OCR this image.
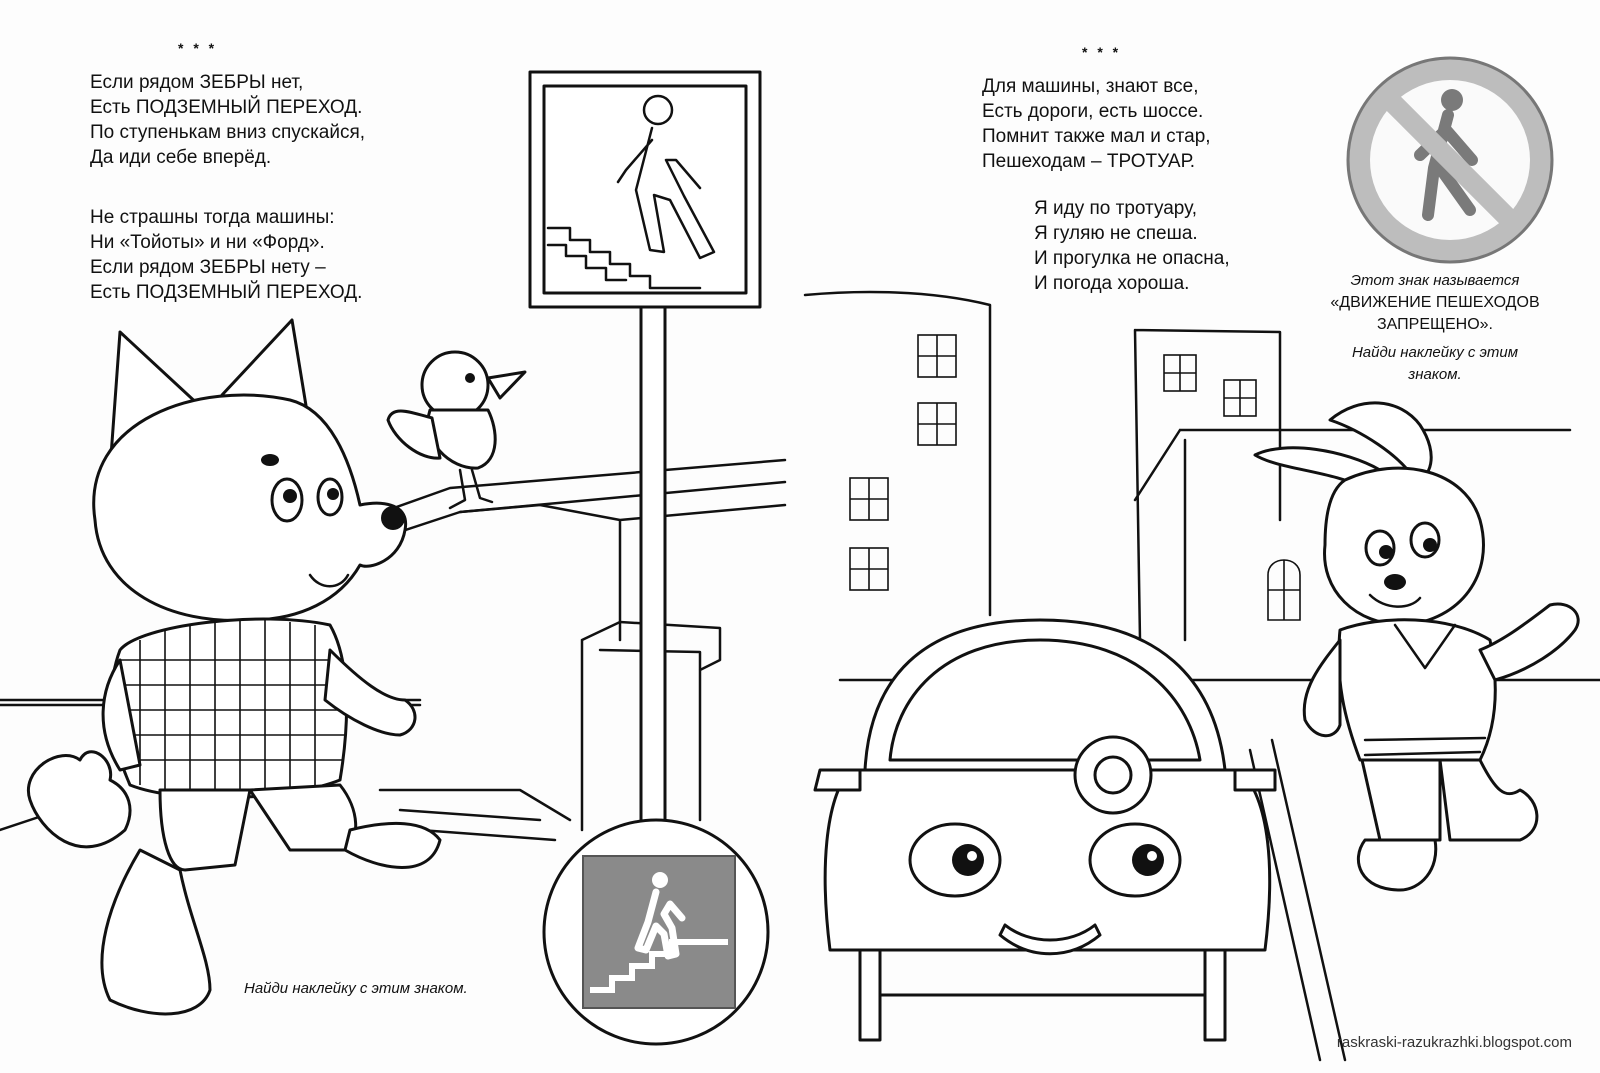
* * *
Если рядом ЗЕБРЫ нет,
Есть ПОДЗЕМНЫЙ ПЕРЕХОД.
По ступенькам вниз спускайся,
Да иди себе вперёд.
Не страшны тогда машины:
Ни «Тойоты» и ни «Форд».
Если рядом ЗЕБРЫ нету –
Есть ПОДЗЕМНЫЙ ПЕРЕХОД.
Найди наклейку с этим знаком.
* * *
Для машины, знают все,
Есть дороги, есть шоссе.
Помнит также мал и стар,
Пешеходам – ТРОТУАР.
Я иду по тротуару,
Я гуляю не спеша.
И прогулка не опасна,
И погода хороша.	Этот знак называется
«ДВИЖЕНИЕ ПЕШЕХОДОВ
ЗАПРЕЩЕНО».
Найди наклейку с этим
знаком.
raskraski-razukrazhki.blogspot.com
